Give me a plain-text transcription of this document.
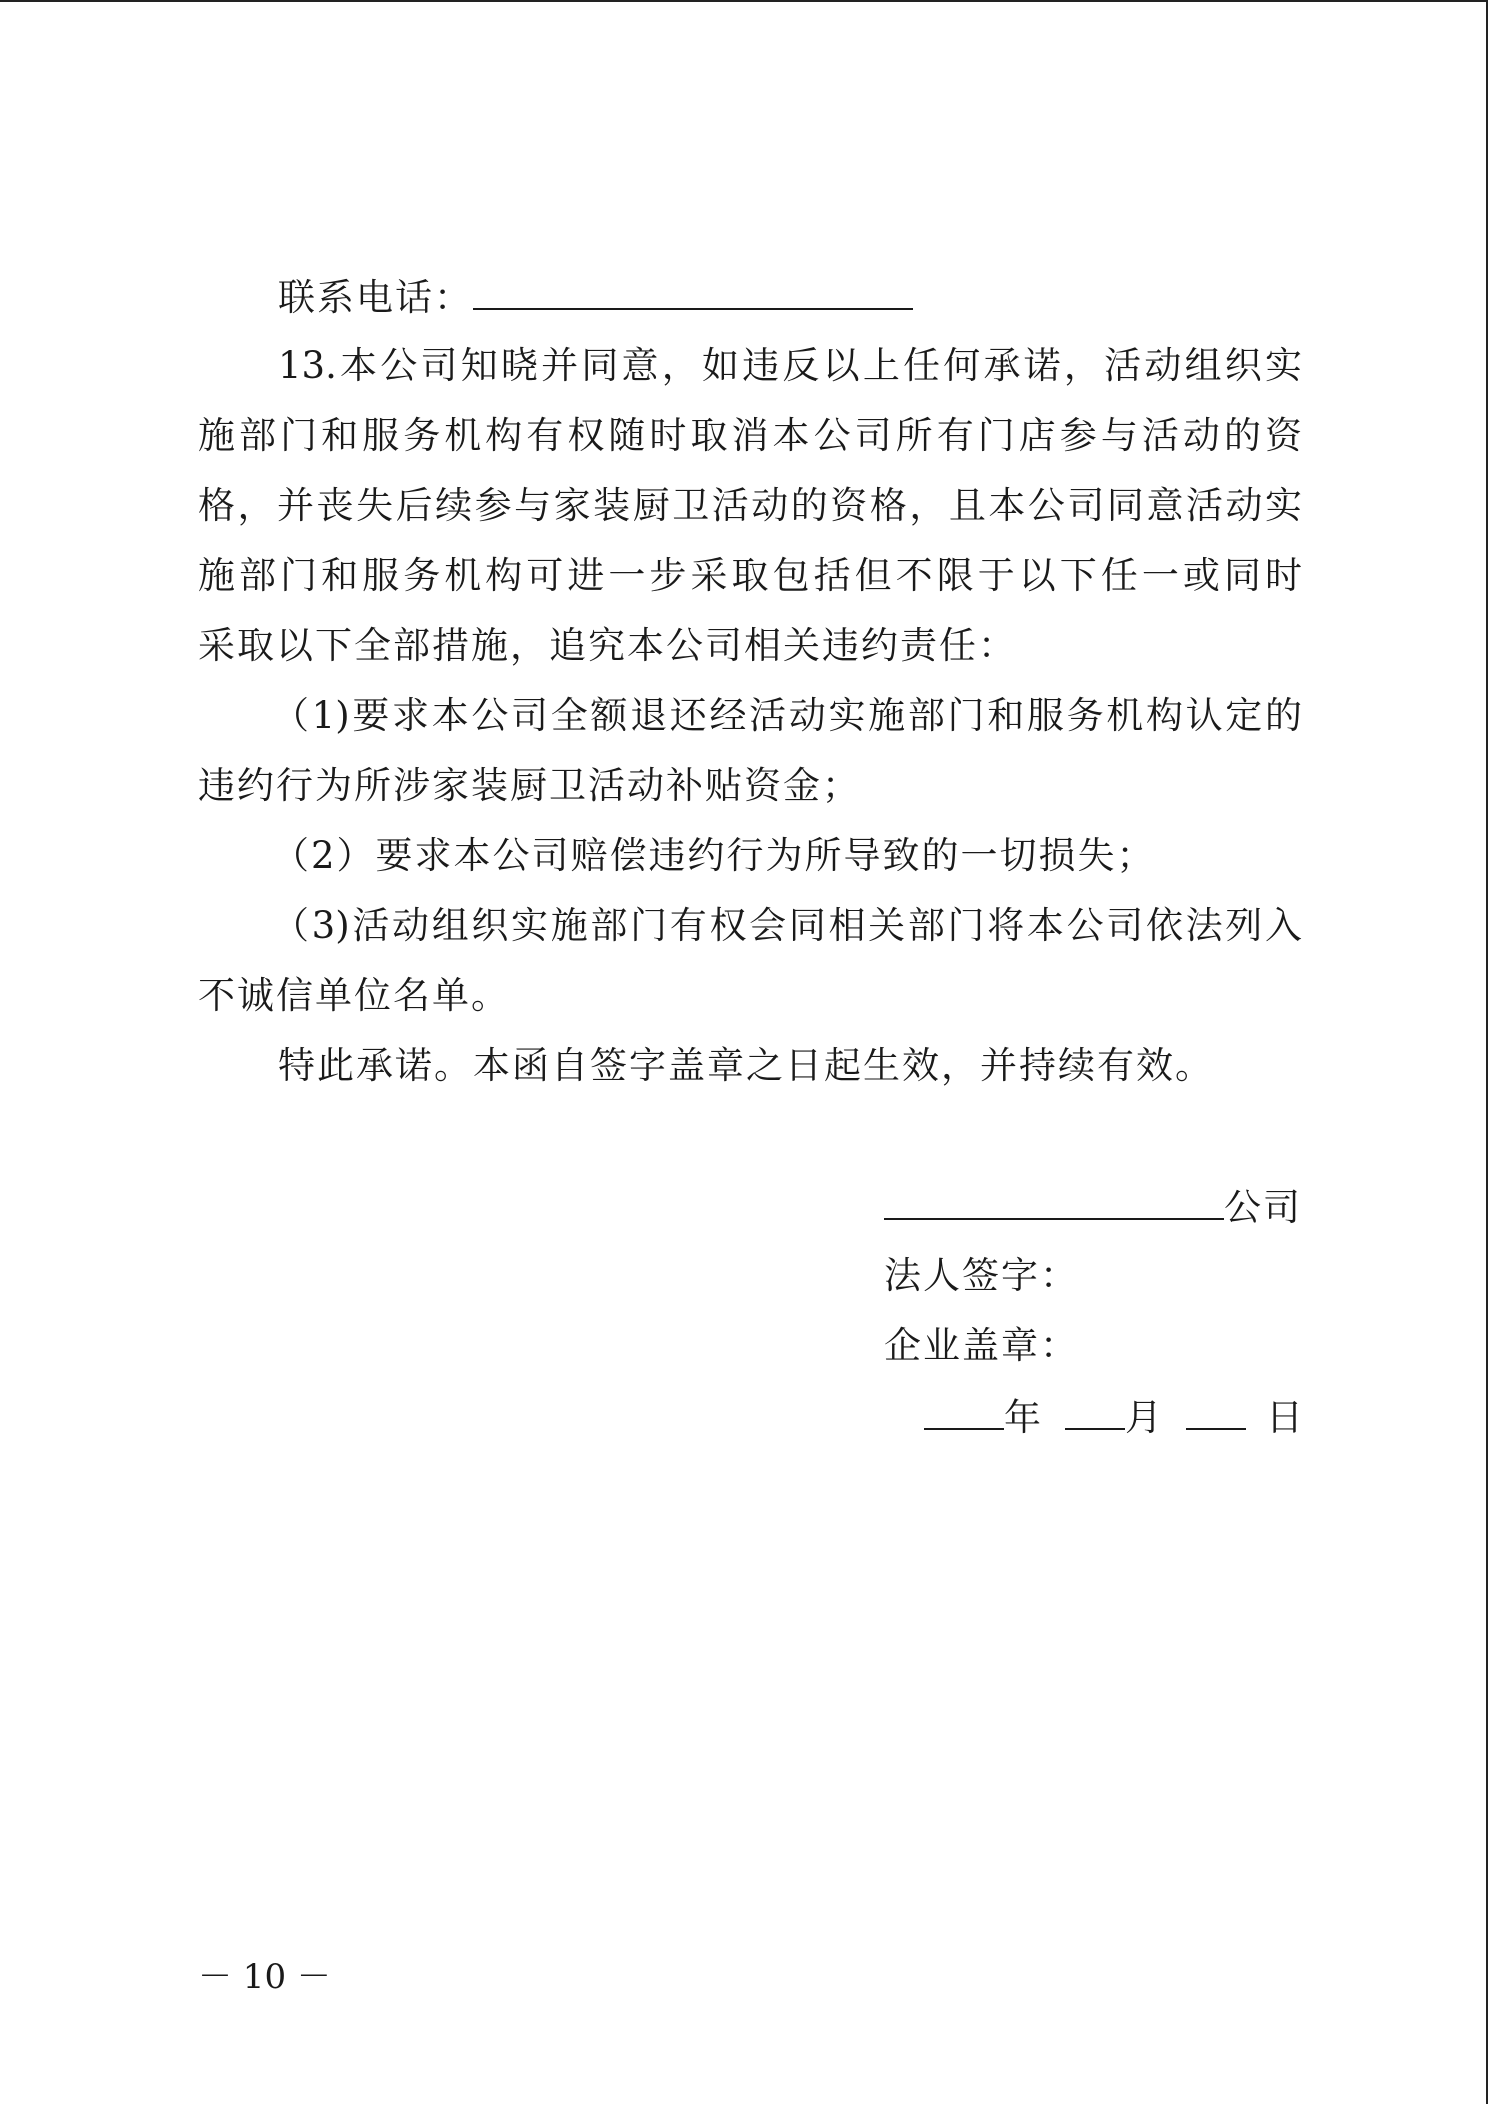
联系电话：
13.本公司知晓并同意，如违反以上任何承诺，活动组织实
施部门和服务机构有权随时取消本公司所有门店参与活动的资
格，并丧失后续参与家装厨卫活动的资格，且本公司同意活动实
施部门和服务机构可进一步采取包括但不限于以下任一或同时
采取以下全部措施，追究本公司相关违约责任：
（1)要求本公司全额退还经活动实施部门和服务机构认定的
违约行为所涉家装厨卫活动补贴资金；
（2）要求本公司赔偿违约行为所导致的一切损失；
（3)活动组织实施部门有权会同相关部门将本公司依法列入
不诚信单位名单。
特此承诺。本函自签字盖章之日起生效，并持续有效。
公司
法人签字：
企业盖章：
年 月	日
－ 10 －
